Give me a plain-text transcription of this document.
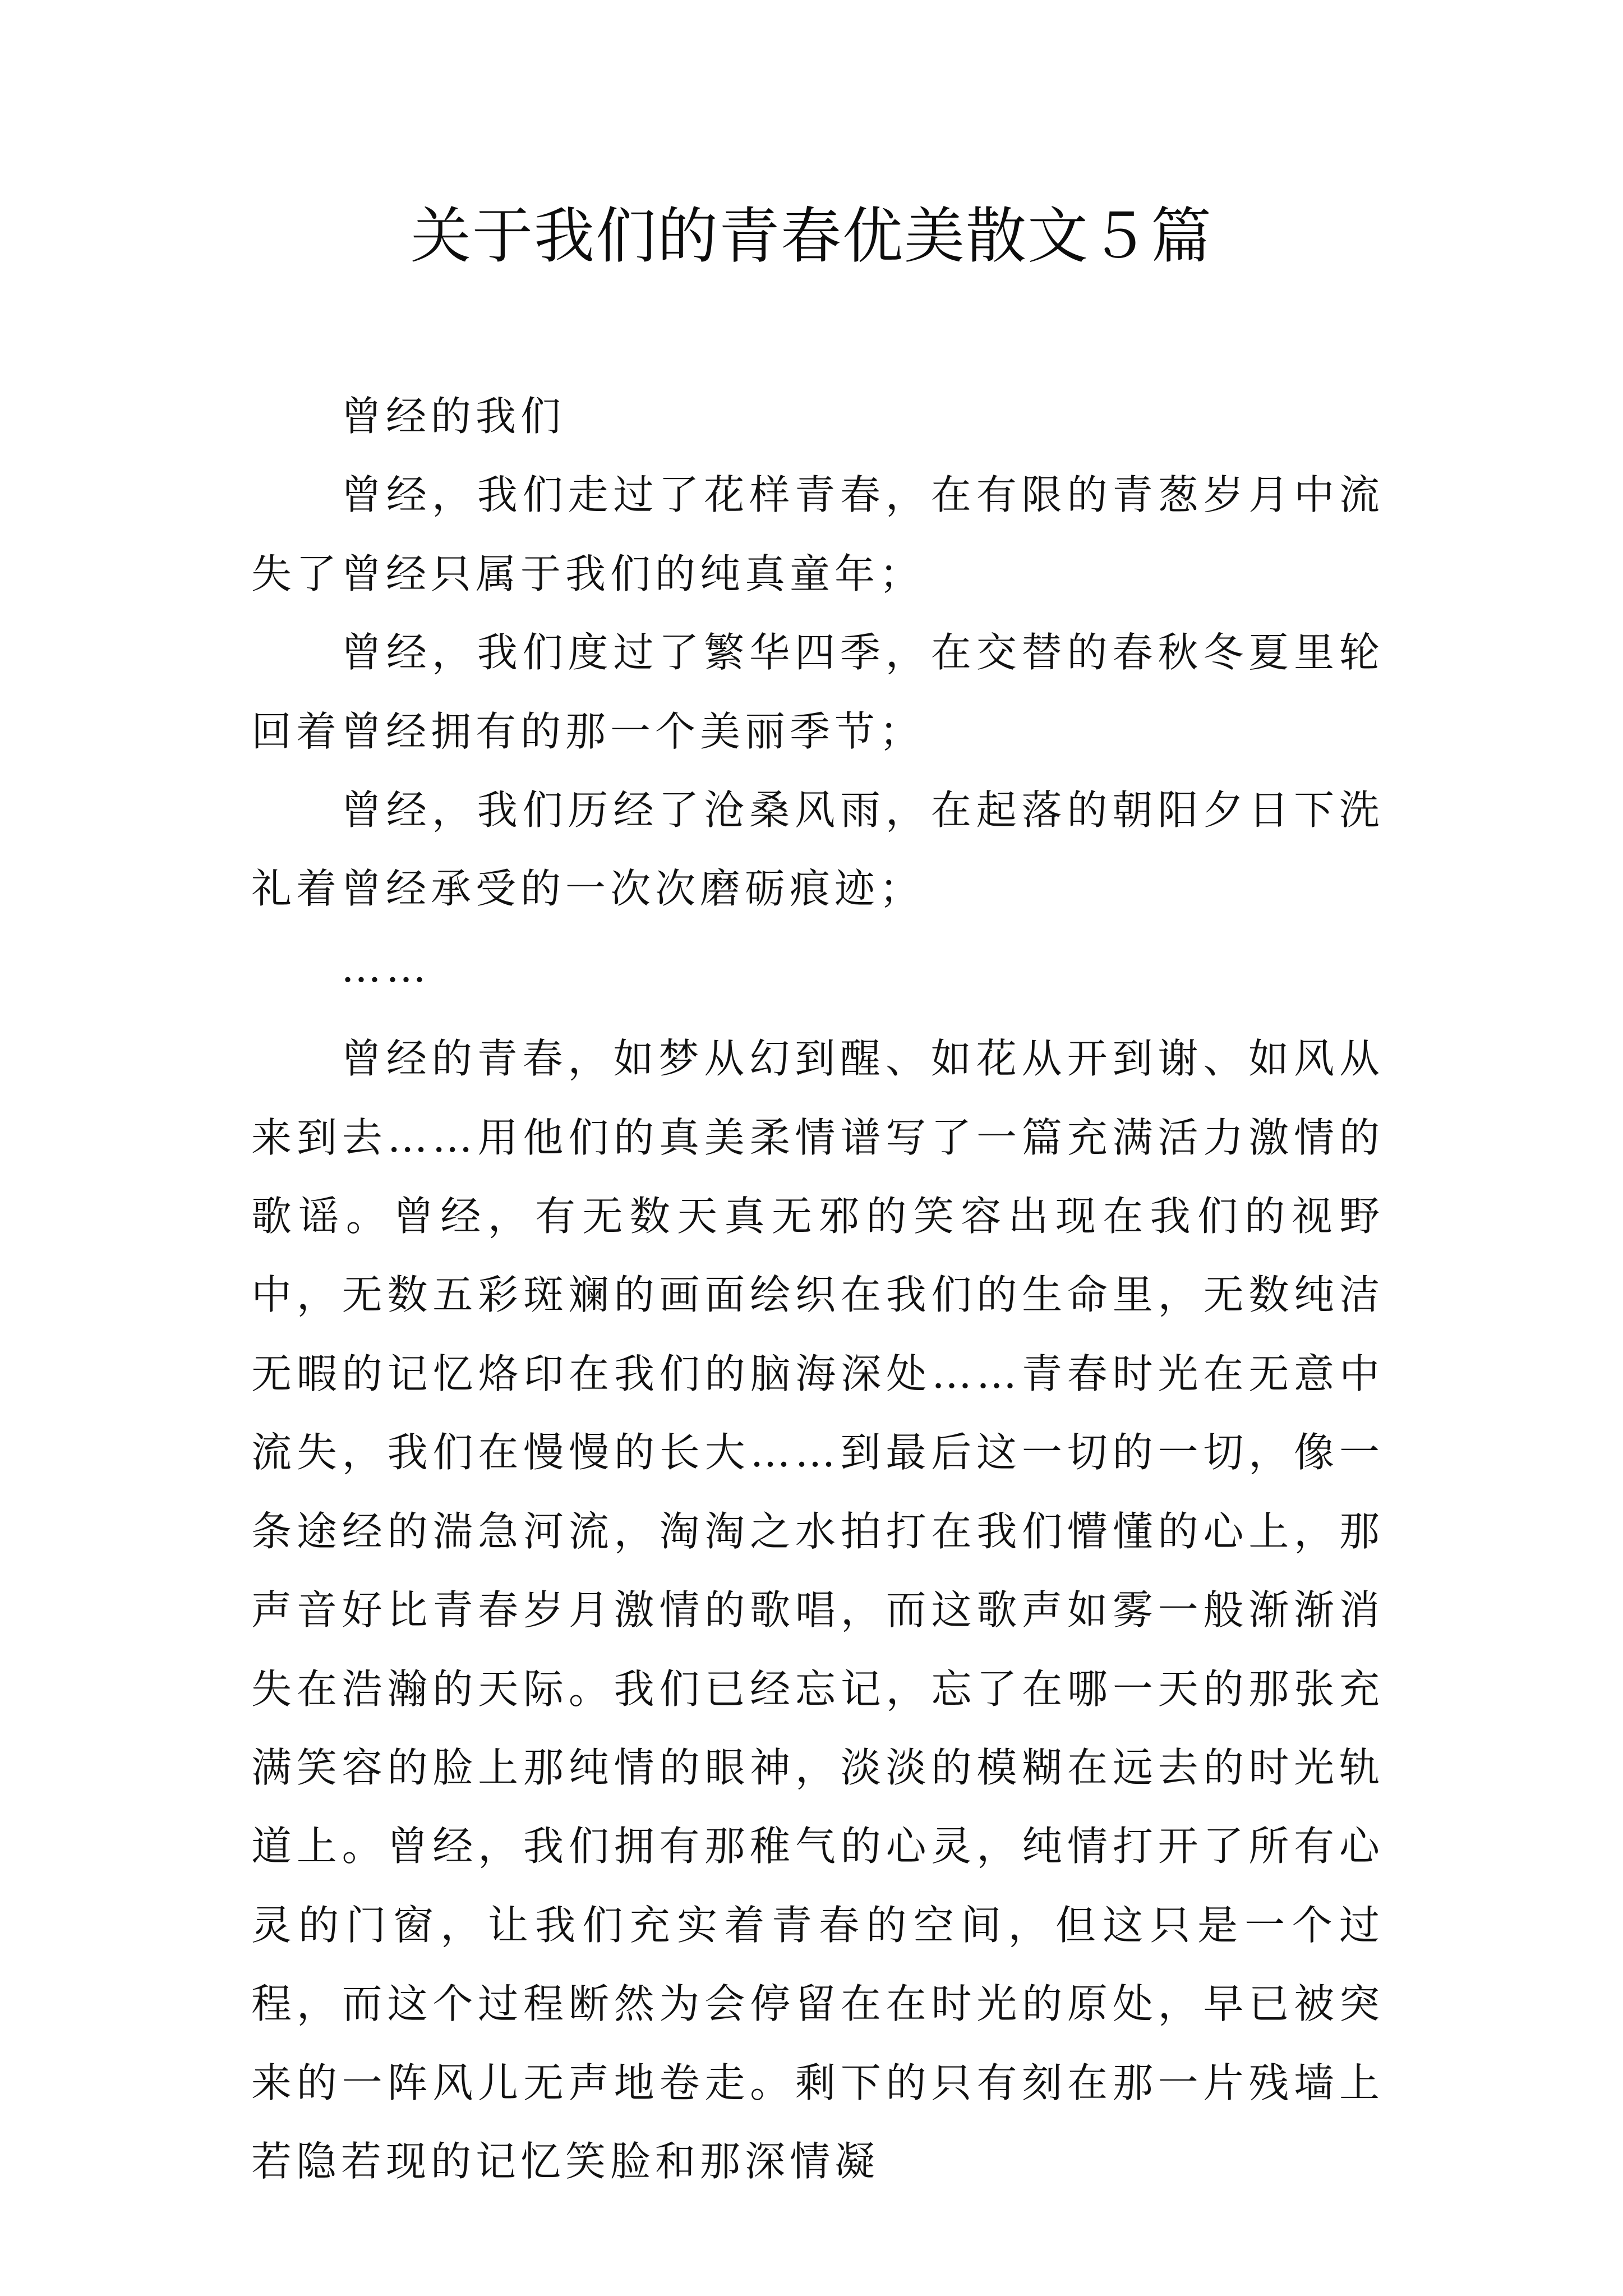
关于我们的青春优美散文５篇

曾经的我们

曾经，我们走过了花样青春，在有限的青葱岁月中流失了曾经只属于我们的纯真童年；

曾经，我们度过了繁华四季，在交替的春秋冬夏里轮回着曾经拥有的那一个美丽季节；

曾经，我们历经了沧桑风雨，在起落的朝阳夕日下洗礼着曾经承受的一次次磨砺痕迹；

……

曾经的青春，如梦从幻到醒、如花从开到谢、如风从来到去……用他们的真美柔情谱写了一篇充满活力激情的歌谣。曾经，有无数天真无邪的笑容出现在我们的视野中，无数五彩斑斓的画面绘织在我们的生命里，无数纯洁无暇的记忆烙印在我们的脑海深处……青春时光在无意中流失，我们在慢慢的长大……到最后这一切的一切，像一条途经的湍急河流，淘淘之水拍打在我们懵懂的心上，那声音好比青春岁月激情的歌唱，而这歌声如雾一般渐渐消失在浩瀚的天际。我们已经忘记，忘了在哪一天的那张充满笑容的脸上那纯情的眼神，淡淡的模糊在远去的时光轨道上。曾经，我们拥有那稚气的心灵，纯情打开了所有心灵的门窗，让我们充实着青春的空间，但这只是一个过程，而这个过程断然为会停留在在时光的原处，早已被突来的一阵风儿无声地卷走。剩下的只有刻在那一片残墙上若隐若现的记忆笑脸和那深情凝
